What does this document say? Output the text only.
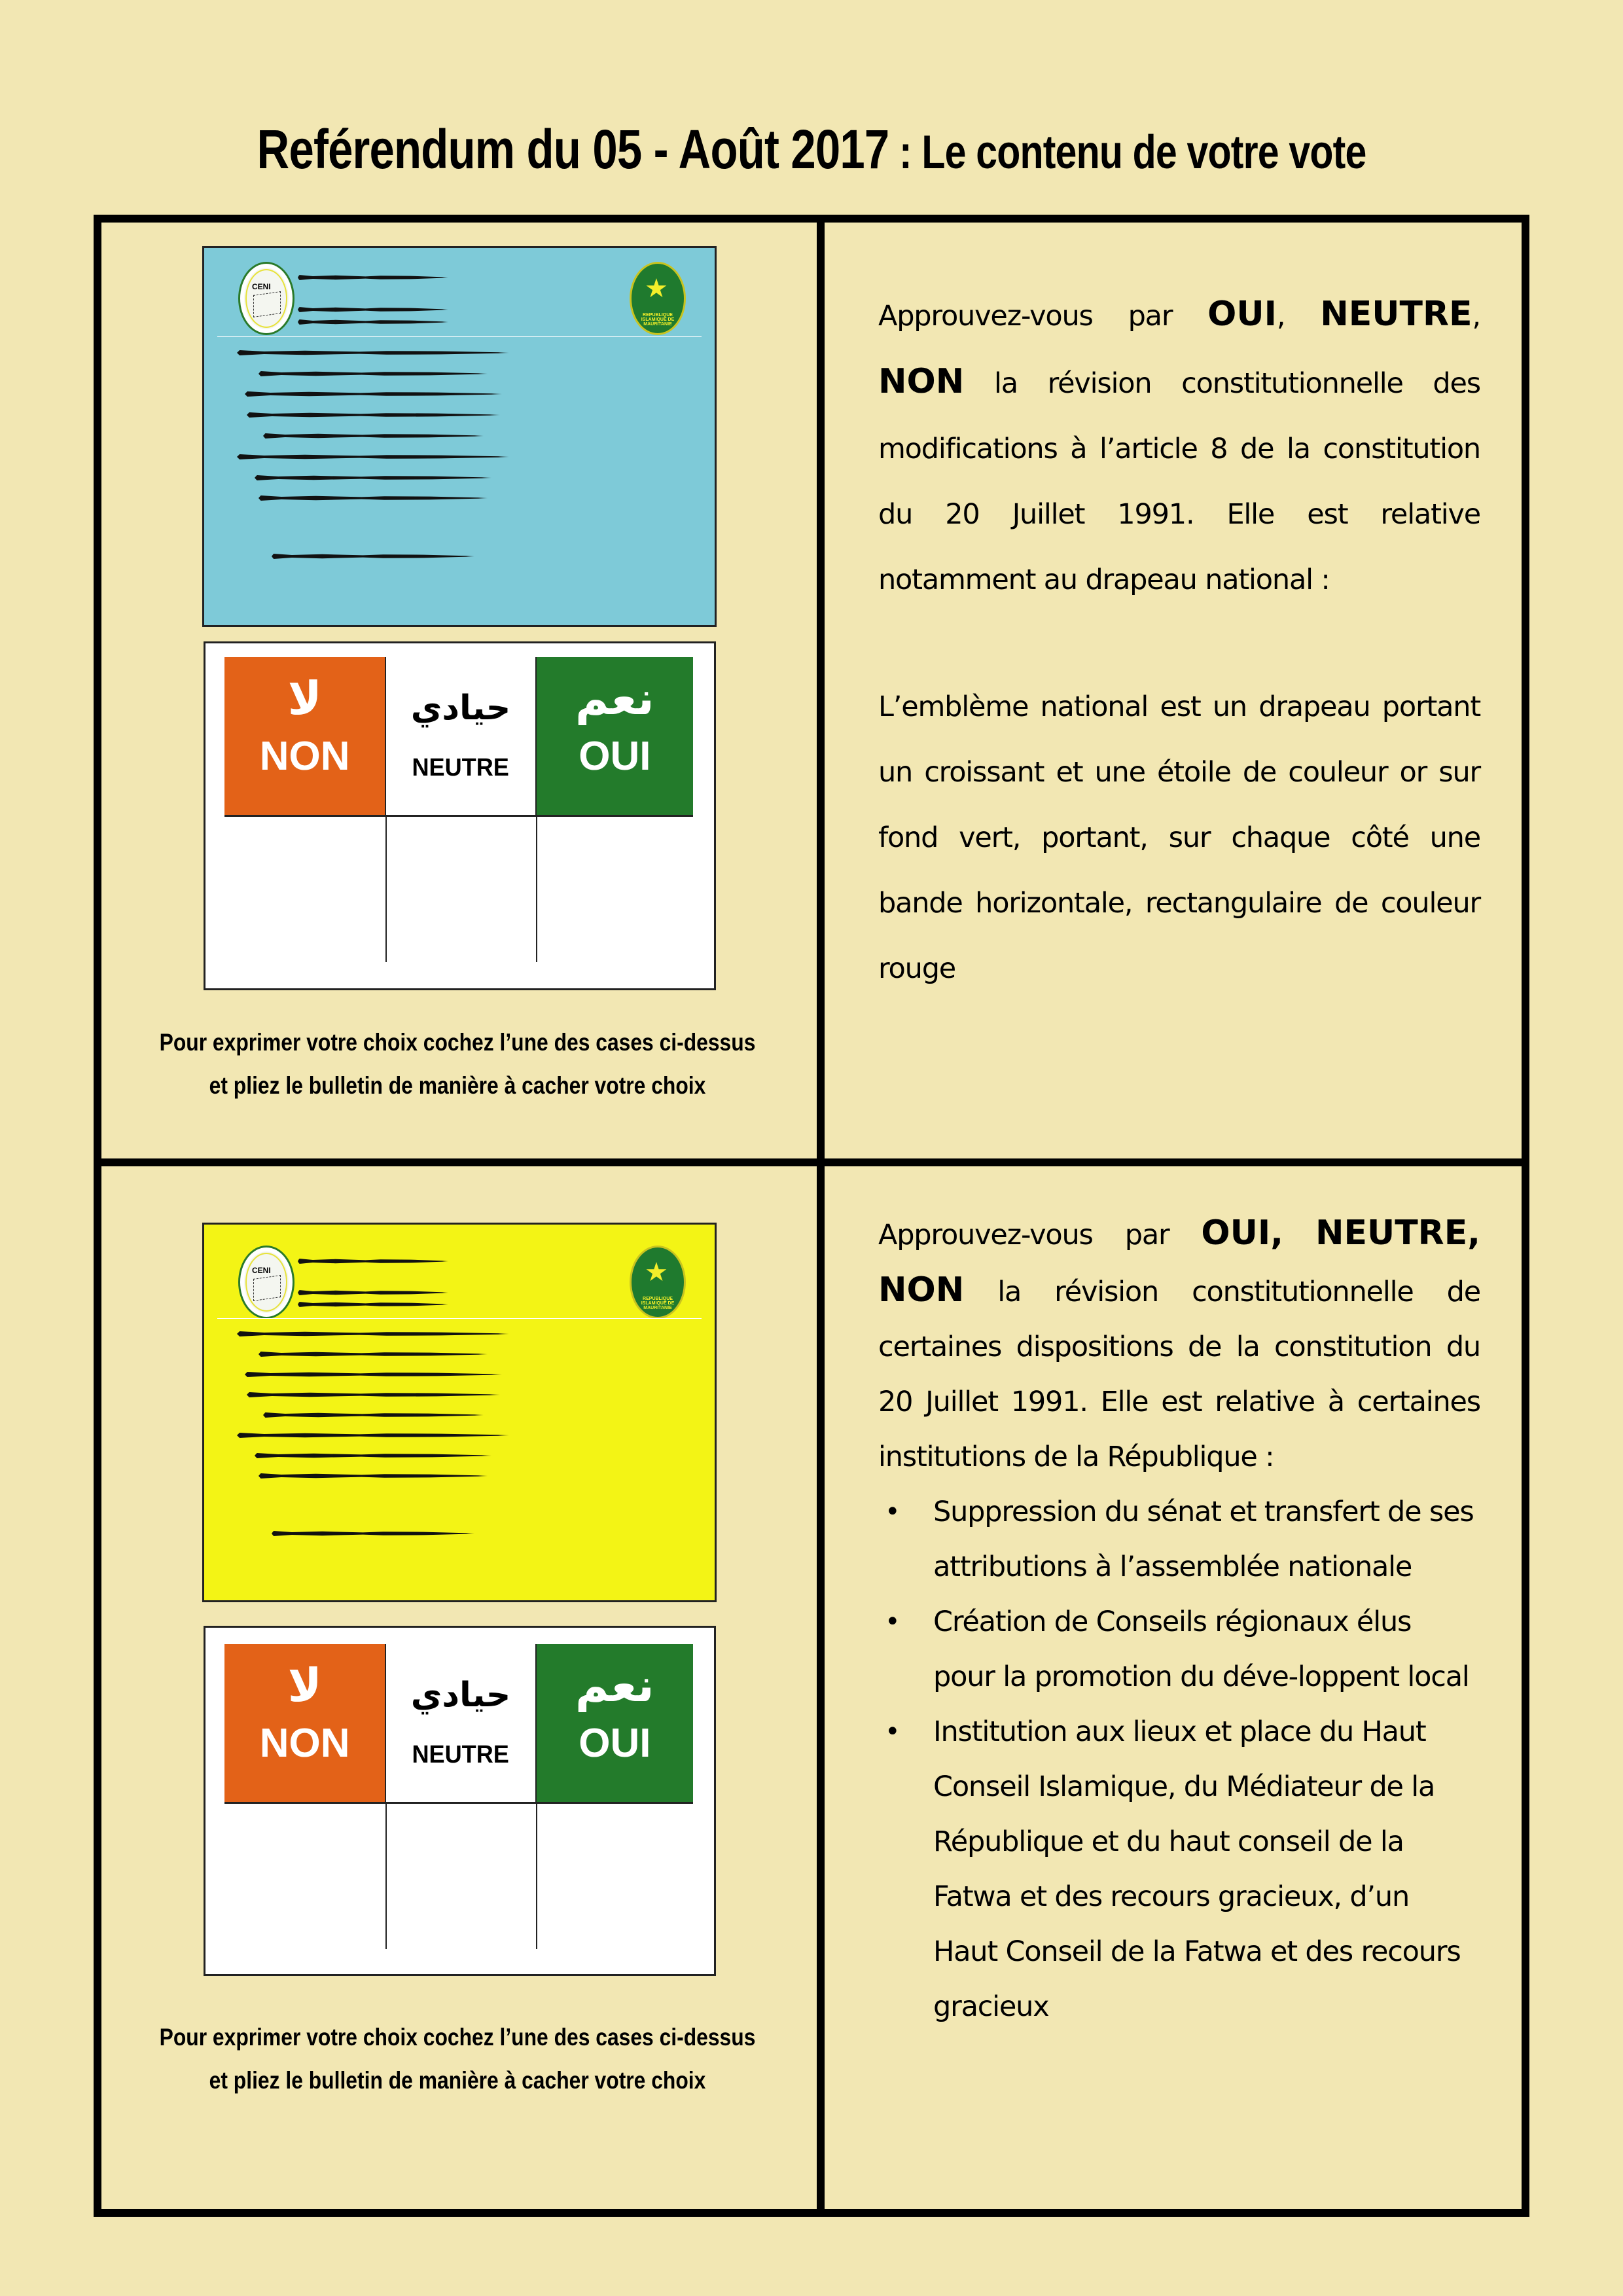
Reférendum du 05 - Août 2017 : Le contenu de votre vote
CENI	★
REPUBLIQUE ISLAMIQUE DE MAURITANIE
لا
NON
حيادي
NEUTRE
نعم
OUI
Pour exprimer votre choix cochez l’une des cases ci-dessus
et pliez le bulletin de manière à cacher votre choix

Approuvez-vous par OUI, NEUTRE, NON la révision constitutionnelle des modifications à l’article 8 de la constitution du 20 Juillet 1991. Elle est relative notamment au drapeau national :

L’emblème national est un drapeau portant un croissant et une étoile de couleur or sur fond vert, portant, sur chaque côté une bande horizontale, rectangulaire de couleur rouge

CENI	★
REPUBLIQUE ISLAMIQUE DE MAURITANIE
لا
NON
حيادي
NEUTRE
نعم
OUI
Pour exprimer votre choix cochez l’une des cases ci-dessus
et pliez le bulletin de manière à cacher votre choix

Approuvez-vous par OUI, NEUTRE, NON la révision constitutionnelle de certaines dispositions de la constitution du 20 Juillet 1991. Elle est relative à certaines institutions de la République :

• Suppression du sénat et transfert de ses attributions à l’assemblée nationale
• Création de Conseils régionaux élus pour la promotion du déve-loppent local
• Institution aux lieux et place du Haut Conseil Islamique, du Médiateur de la République et du haut conseil de la Fatwa et des recours gracieux, d’un Haut Conseil de la Fatwa et des recours gracieux
